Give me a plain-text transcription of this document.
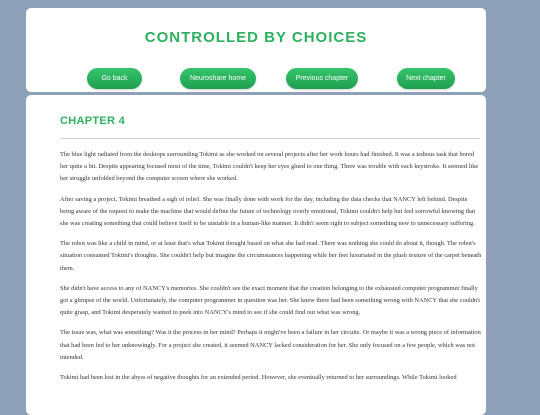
CONTROLLED BY CHOICES
Go back	Neuroshare home	Previous chapter	Next chapter
CHAPTER 4

The blue light radiated from the desktops surrounding Tokimi as she worked on several projects after her work hours had finished. It was a tedious task that bored her quite a bit. Despite appearing focused most of the time, Tokimi couldn't keep her eyes glued to one thing. There was trouble with each keystroke. It seemed like her struggle unfolded beyond the computer screen where she worked.

After saving a project, Tokimi breathed a sigh of relief. She was finally done with work for the day, including the data checks that NANCY left behind. Despite being aware of the request to make the machine that would define the future of technology overly emotional, Tokimi couldn't help but feel sorrowful knowing that she was creating something that could believe itself to be unstable in a human-like manner. It didn't seem right to subject something new to unnecessary suffering.

The robot was like a child in mind, or at least that's what Tokimi thought based on what she had read. There was nothing she could do about it, though. The robot's situation consumed Tokimi's thoughts. She couldn't help but imagine the circumstances happening while her feet luxuriated in the plush texture of the carpet beneath them.

She didn't have access to any of NANCY's memories. She couldn't see the exact moment that the creation belonging to the exhausted computer programmer finally got a glimpse of the world. Unfortunately, the computer programmer in question was her. She knew there had been something wrong with NANCY that she couldn't quite grasp, and Tokimi desperately wanted to peek into NANCY's mind to see if she could find out what was wrong.

The issue was, what was something? Was it the process in her mind? Perhaps it might've been a failure in her circuits. Or maybe it was a wrong piece of information that had been fed to her unknowingly. For a project she created, it seemed NANCY lacked consideration for her. She only focused on a few people, which was not intended.

Tokimi had been lost in the abyss of negative thoughts for an extended period. However, she eventually returned to her surroundings. While Tokimi looked
